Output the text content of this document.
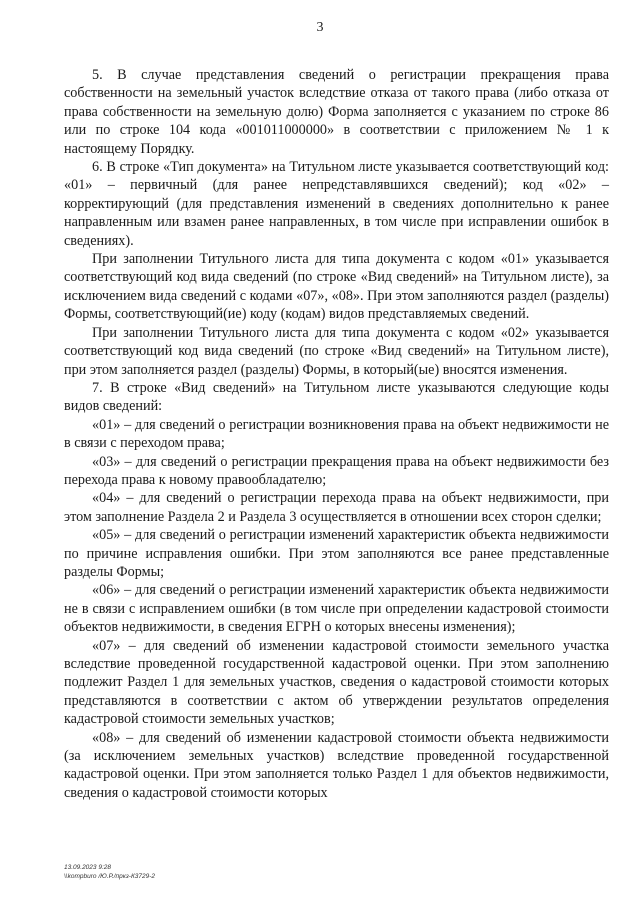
3

5. В случае представления сведений о регистрации прекращения права собственности на земельный участок вследствие отказа от такого права (либо отказа от права собственности на земельную долю) Форма заполняется с указанием по строке 86 или по строке 104 кода «001011000000» в соответствии с приложением № 1 к настоящему Порядку.

6. В строке «Тип документа» на Титульном листе указывается соответствующий код: «01» – первичный (для ранее непредставлявшихся сведений); код «02» – корректирующий (для представления изменений в сведениях дополнительно к ранее направленным или взамен ранее направленных, в том числе при исправлении ошибок в сведениях).

При заполнении Титульного листа для типа документа с кодом «01» указывается соответствующий код вида сведений (по строке «Вид сведений» на Титульном листе), за исключением вида сведений с кодами «07», «08». При этом заполняются раздел (разделы) Формы, соответствующий(ие) коду (кодам) видов представляемых сведений.

При заполнении Титульного листа для типа документа с кодом «02» указывается соответствующий код вида сведений (по строке «Вид сведений» на Титульном листе), при этом заполняется раздел (разделы) Формы, в который(ые) вносятся изменения.

7. В строке «Вид сведений» на Титульном листе указываются следующие коды видов сведений:

«01» – для сведений о регистрации возникновения права на объект недвижимости не в связи с переходом права;

«03» – для сведений о регистрации прекращения права на объект недвижимости без перехода права к новому правообладателю;

«04» – для сведений о регистрации перехода права на объект недвижимости, при этом заполнение Раздела 2 и Раздела 3 осуществляется в отношении всех сторон сделки;

«05» – для сведений о регистрации изменений характеристик объекта недвижимости по причине исправления ошибки. При этом заполняются все ранее представленные разделы Формы;

«06» – для сведений о регистрации изменений характеристик объекта недвижимости не в связи с исправлением ошибки (в том числе при определении кадастровой стоимости объектов недвижимости, в сведения ЕГРН о которых внесены изменения);

«07» – для сведений об изменении кадастровой стоимости земельного участка вследствие проведенной государственной кадастровой оценки. При этом заполнению подлежит Раздел 1 для земельных участков, сведения о кадастровой стоимости которых представляются в соответствии с актом об утверждении результатов определения кадастровой стоимости земельных участков;

«08» – для сведений об изменении кадастровой стоимости объекта недвижимости (за исключением земельных участков) вследствие проведенной государственной кадастровой оценки. При этом заполняется только Раздел 1 для объектов недвижимости, сведения о кадастровой стоимости которых

13.09.2023 9:28
\\kompburo /Ю.Р./пркз-К3729-2
